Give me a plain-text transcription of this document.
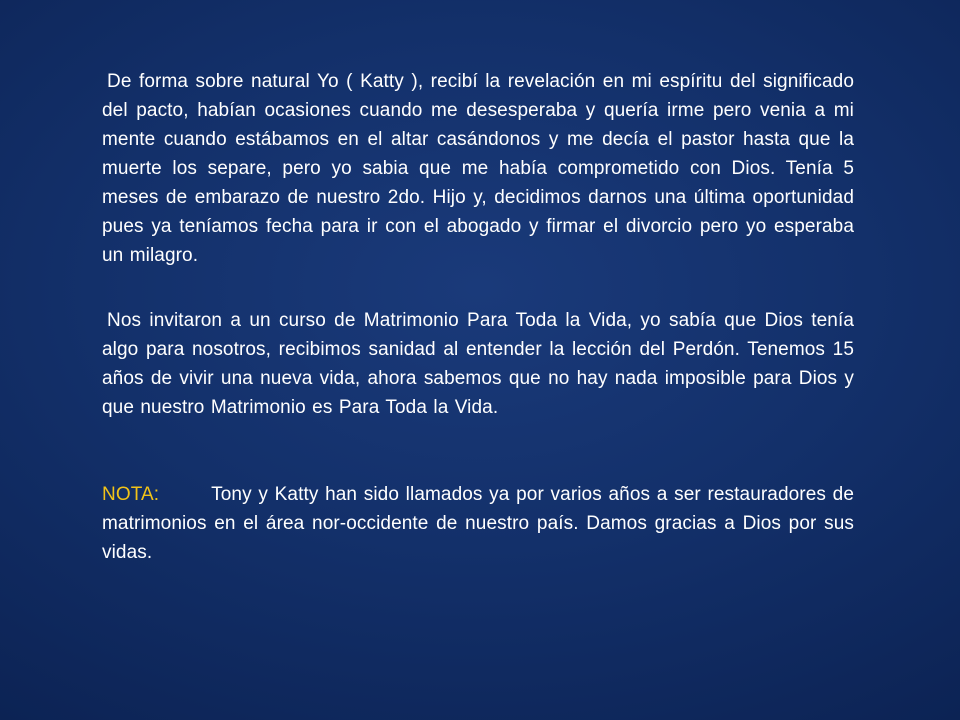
De forma sobre natural Yo ( Katty ), recibí la revelación en mi espíritu del significado del pacto, habían ocasiones cuando me desesperaba y quería irme pero venia a mi mente cuando estábamos en el altar casándonos y me decía el pastor hasta que la muerte los separe, pero yo sabia que me había comprometido con Dios. Tenía 5 meses de embarazo de nuestro 2do. Hijo y, decidimos darnos una última oportunidad pues ya teníamos fecha para ir con el abogado y firmar el divorcio pero yo esperaba un milagro.

Nos invitaron a un curso de Matrimonio Para Toda la Vida, yo sabía que Dios tenía algo para nosotros, recibimos sanidad al entender la lección del Perdón. Tenemos 15 años de vivir una nueva vida, ahora sabemos que no hay nada imposible para Dios y que nuestro Matrimonio es Para Toda la Vida.

NOTA:	Tony y Katty han sido llamados ya por varios años a ser restauradores de matrimonios en el área nor-occidente de nuestro país. Damos gracias a Dios por sus vidas.
